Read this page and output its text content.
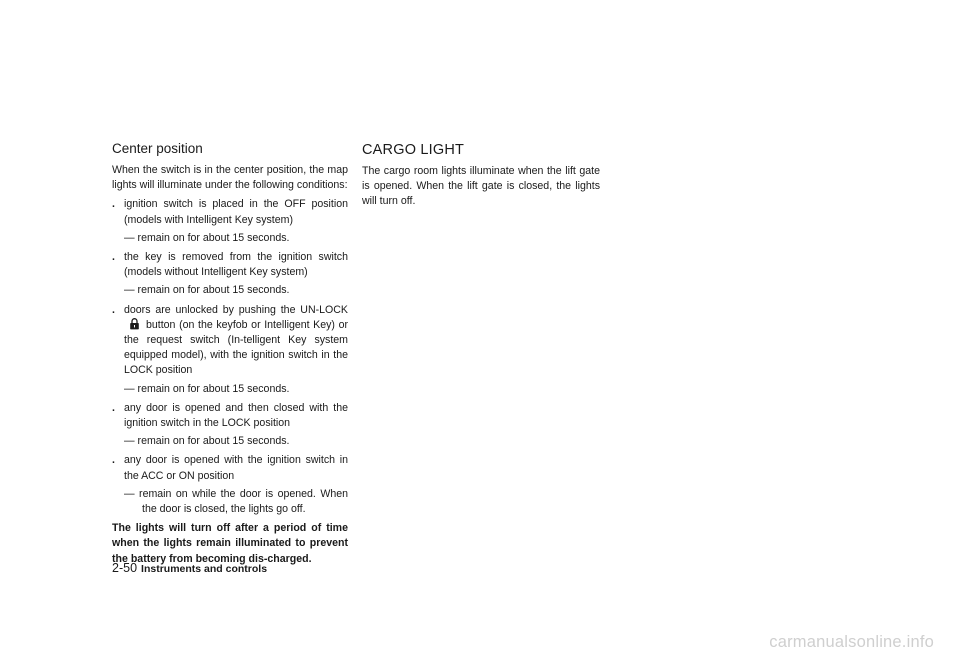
Center position

When the switch is in the center position, the map lights will illuminate under the following conditions:

. ignition switch is placed in the OFF position (models with Intelligent Key system)
— remain on for about 15 seconds.
. the key is removed from the ignition switch (models without Intelligent Key system)
— remain on for about 15 seconds.
. doors are unlocked by pushing the UN-LOCKbutton (on the keyfob or Intelligent Key) or the request switch (In-telligent Key system equipped model), with the ignition switch in the LOCK position
— remain on for about 15 seconds.
. any door is opened and then closed with the ignition switch in the LOCK position
— remain on for about 15 seconds.
. any door is opened with the ignition switch in the ACC or ON position
— remain on while the door is opened. When the door is closed, the lights go off.

The lights will turn off after a period of time when the lights remain illuminated to prevent the battery from becoming dis-charged.

CARGO LIGHT

The cargo room lights illuminate when the lift gate is opened. When the lift gate is closed, the lights will turn off.

2-50 Instruments and controls
carmanualsonline.info
